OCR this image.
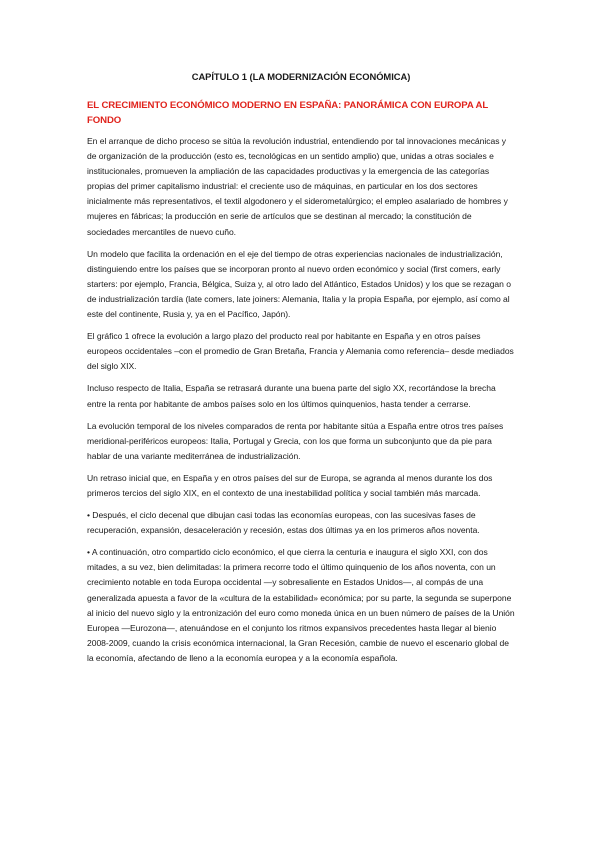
CAPÍTULO 1 (LA MODERNIZACIÓN ECONÓMICA)
EL CRECIMIENTO ECONÓMICO MODERNO EN ESPAÑA: PANORÁMICA CON EUROPA AL FONDO

En el arranque de dicho proceso se sitúa la revolución industrial, entendiendo por tal innovaciones mecánicas y de organización de la producción (esto es, tecnológicas en un sentido amplio) que, unidas a otras sociales e institucionales, promueven la ampliación de las capacidades productivas y la emergencia de las categorías propias del primer capitalismo industrial: el creciente uso de máquinas, en particular en los dos sectores inicialmente más representativos, el textil algodonero y el siderometalúrgico; el empleo asalariado de hombres y mujeres en fábricas; la producción en serie de artículos que se destinan al mercado; la constitución de sociedades mercantiles de nuevo cuño.

Un modelo que facilita la ordenación en el eje del tiempo de otras experiencias nacionales de industrialización, distinguiendo entre los países que se incorporan pronto al nuevo orden económico y social (first comers, early starters: por ejemplo, Francia, Bélgica, Suiza y, al otro lado del Atlántico, Estados Unidos) y los que se rezagan o de industrialización tardía (late comers, late joiners: Alemania, Italia y la propia España, por ejemplo, así como al este del continente, Rusia y, ya en el Pacífico, Japón).

El gráfico 1 ofrece la evolución a largo plazo del producto real por habitante en España y en otros países europeos occidentales –con el promedio de Gran Bretaña, Francia y Alemania como referencia– desde mediados del siglo XIX.

Incluso respecto de Italia, España se retrasará durante una buena parte del siglo XX, recortándose la brecha entre la renta por habitante de ambos países solo en los últimos quinquenios, hasta tender a cerrarse.

La evolución temporal de los niveles comparados de renta por habitante sitúa a España entre otros tres países meridional-periféricos europeos: Italia, Portugal y Grecia, con los que forma un subconjunto que da pie para hablar de una variante mediterránea de industrialización.

Un retraso inicial que, en España y en otros países del sur de Europa, se agranda al menos durante los dos primeros tercios del siglo XIX, en el contexto de una inestabilidad política y social también más marcada.

• Después, el ciclo decenal que dibujan casi todas las economías europeas, con las sucesivas fases de recuperación, expansión, desaceleración y recesión, estas dos últimas ya en los primeros años noventa.

• A continuación, otro compartido ciclo económico, el que cierra la centuria e inaugura el siglo XXI, con dos mitades, a su vez, bien delimitadas: la primera recorre todo el último quinquenio de los años noventa, con un crecimiento notable en toda Europa occidental —y sobresaliente en Estados Unidos—, al compás de una generalizada apuesta a favor de la «cultura de la estabilidad» económica; por su parte, la segunda se superpone al inicio del nuevo siglo y la entronización del euro como moneda única en un buen número de países de la Unión Europea —Eurozona—, atenuándose en el conjunto los ritmos expansivos precedentes hasta llegar al bienio 2008-2009, cuando la crisis económica internacional, la Gran Recesión, cambie de nuevo el escenario global de la economía, afectando de lleno a la economía europea y a la economía española.
